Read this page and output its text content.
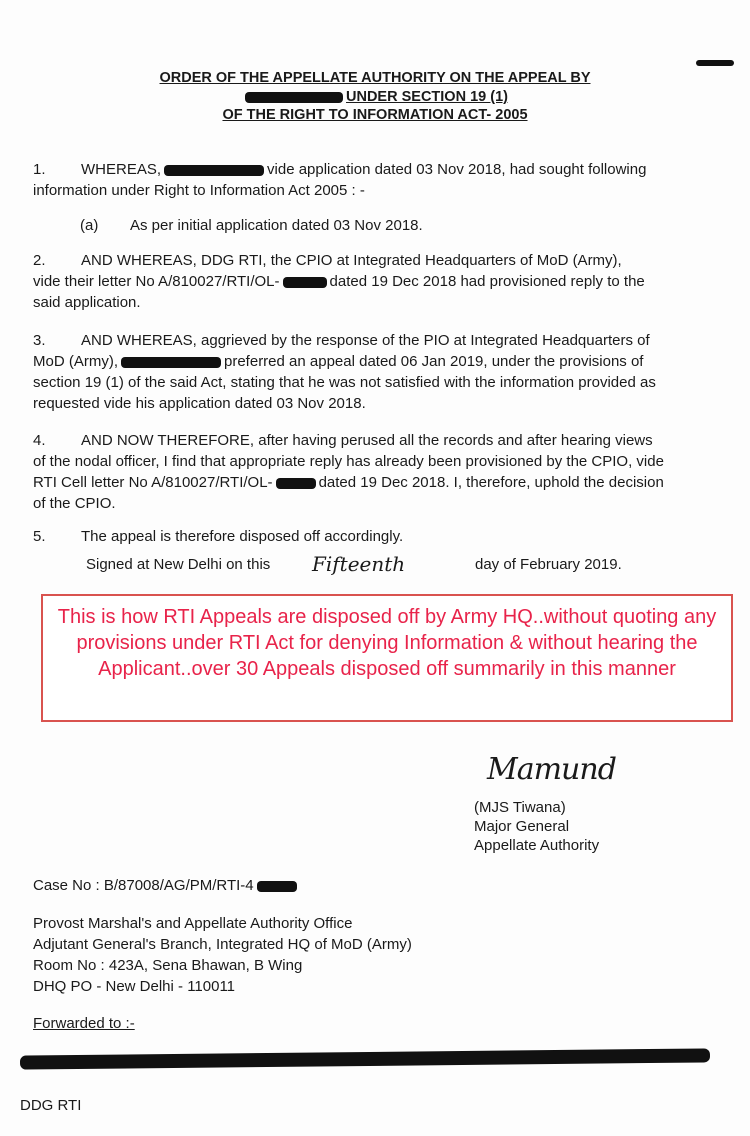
ORDER OF THE APPELLATE AUTHORITY ON THE APPEAL BY
UNDER SECTION 19 (1)
OF THE RIGHT TO INFORMATION ACT- 2005
1. WHEREAS,	vide application dated 03 Nov 2018, had sought following
information under Right to Information Act 2005 : -
(a) As per initial application dated 03 Nov 2018.
2. AND WHEREAS, DDG RTI, the CPIO at Integrated Headquarters of MoD (Army),
vide their letter No A/810027/RTI/OL-	dated 19 Dec 2018 had provisioned reply to the
said application.
3. AND WHEREAS, aggrieved by the response of the PIO at Integrated Headquarters of
MoD (Army),	preferred an appeal dated 06 Jan 2019, under the provisions of
section 19 (1) of the said Act, stating that he was not satisfied with the information provided as
requested vide his application dated 03 Nov 2018.
4. AND NOW THEREFORE, after having perused all the records and after hearing views
of the nodal officer, I find that appropriate reply has already been provisioned by the CPIO, vide
RTI Cell letter No A/810027/RTI/OL-	dated 19 Dec 2018. I, therefore, uphold the decision
of the CPIO.
5. The appeal is therefore disposed off accordingly.
Signed at New Delhi on this Fifteenth	day of February 2019.
This is how RTI Appeals are disposed off by Army HQ..without quoting any provisions under RTI Act for denying Information & without hearing the Applicant..over 30 Appeals disposed off summarily in this manner
Mamund
(MJS Tiwana)
Major General
Appellate Authority
Case No : B/87008/AG/PM/RTI-4
Provost Marshal's and Appellate Authority Office
Adjutant General's Branch, Integrated HQ of MoD (Army)
Room No : 423A, Sena Bhawan, B Wing
DHQ PO - New Delhi - 110011
Forwarded to :-
DDG RTI
